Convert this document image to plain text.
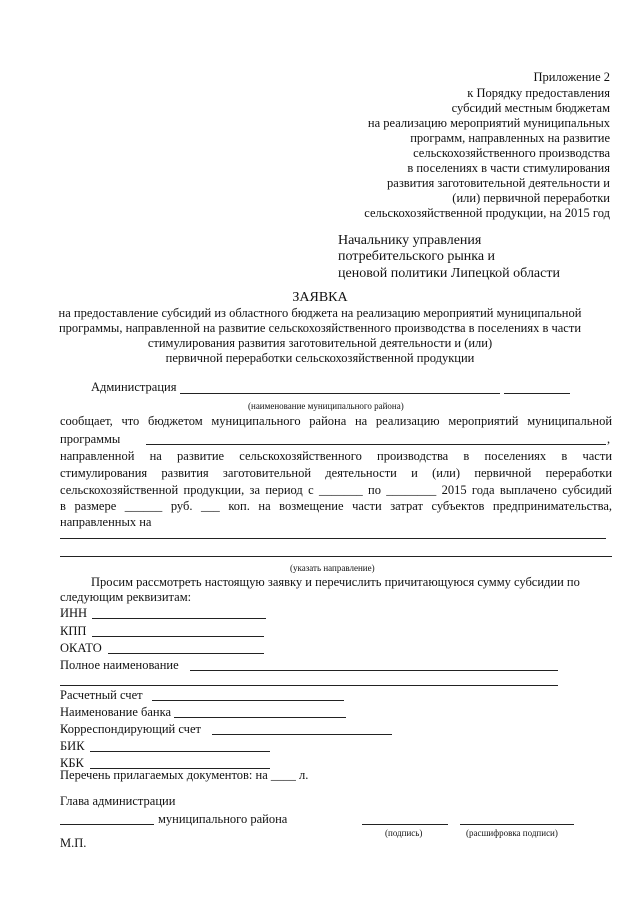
Приложение 2
к Порядку предоставления
субсидий местным бюджетам
на реализацию мероприятий муниципальных
программ, направленных на развитие
сельскохозяйственного производства
в поселениях в части стимулирования
развития заготовительной деятельности и
(или) первичной переработки
сельскохозяйственной продукции, на 2015 год
Начальнику управления
потребительского рынка и
ценовой политики Липецкой области
ЗАЯВКА
на предоставление субсидий из областного бюджета на реализацию мероприятий муниципальной
программы, направленной на развитие сельскохозяйственного производства в поселениях в части
стимулирования развития заготовительной деятельности и (или)
первичной переработки сельскохозяйственной продукции
Администрация
(наименование муниципального района)
сообщает, что бюджетом муниципального района на реализацию мероприятий муниципальной
программы	,
направленной на развитие сельскохозяйственного производства в поселениях в части
стимулирования развития заготовительной деятельности и (или) первичной переработки
сельскохозяйственной продукции, за период с _______ по ________ 2015 года выплачено субсидий
в размере ______ руб. ___ коп. на возмещение части затрат субъектов предпринимательства,
направленных на
(указать направление)
Просим рассмотреть настоящую заявку и перечислить причитающуюся сумму субсидии по
следующим реквизитам:
ИНН
КПП
ОКАТО
Полное наименование
Расчетный счет
Наименование банка
Корреспондирующий счет
БИК
КБК
Перечень прилагаемых документов: на ____ л.
Глава администрации
муниципального района
(подпись)	(расшифровка подписи)
М.П.
